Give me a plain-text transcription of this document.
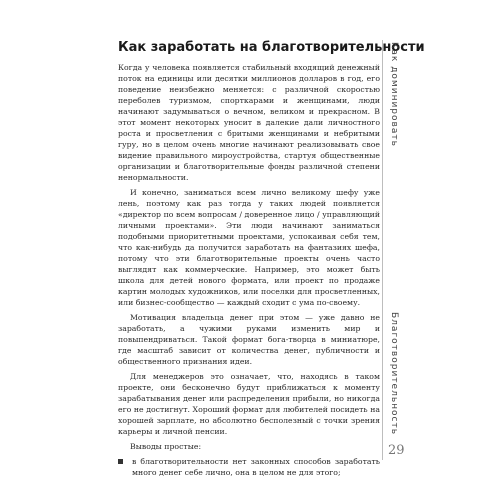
Как заработать на благотворительности

Когда у человека появляется стабильный входящий денежный поток на единицы или десятки миллионов долларов в год, его поведение неизбежно меняется: с различной скоростью переболев туризмом, спорткарами и женщинами, люди начинают задумываться о вечном, великом и прекрасном. В этот момент некоторых уносит в далекие дали личностного роста и просветления с бритыми женщинами и небритыми гуру, но в целом очень многие начинают реализовывать свое видение правильного мироустройства, стартуя общественные организации и благотворительные фонды различной степени ненормальности.

И конечно, заниматься всем лично великому шефу уже лень, поэтому как раз тогда у таких людей появляется «директор по всем вопросам / доверенное лицо / управляющий личными проектами». Эти люди начинают заниматься подобными приоритетными проектами, успокаивая себя тем, что как-нибудь да получится заработать на фантазиях шефа, потому что эти благотворительные проекты очень часто выглядят как коммерческие. Например, это может быть школа для детей нового формата, или проект по продаже картин молодых художников, или поселки для просветленных, или бизнес-сообщество — каждый сходит с ума по-своему.

Мотивация владельца денег при этом — уже давно не заработать, а чужими руками изменить мир и повыпендриваться. Такой формат бога-творца в миниатюре, где масштаб зависит от количества денег, публичности и общественного признания идеи.

Для менеджеров это означает, что, находясь в таком проекте, они бесконечно будут приближаться к моменту зарабатывания денег или распределения прибыли, но никогда его не достигнут. Хороший формат для любителей посидеть на хорошей зарплате, но абсолютно бесполезный с точки зрения карьеры и личной пенсии.

Выводы простые:

в благотворительности нет законных способов заработать много денег себе лично, она в целом не для этого;
Как доминировать
Благотворительность
29
